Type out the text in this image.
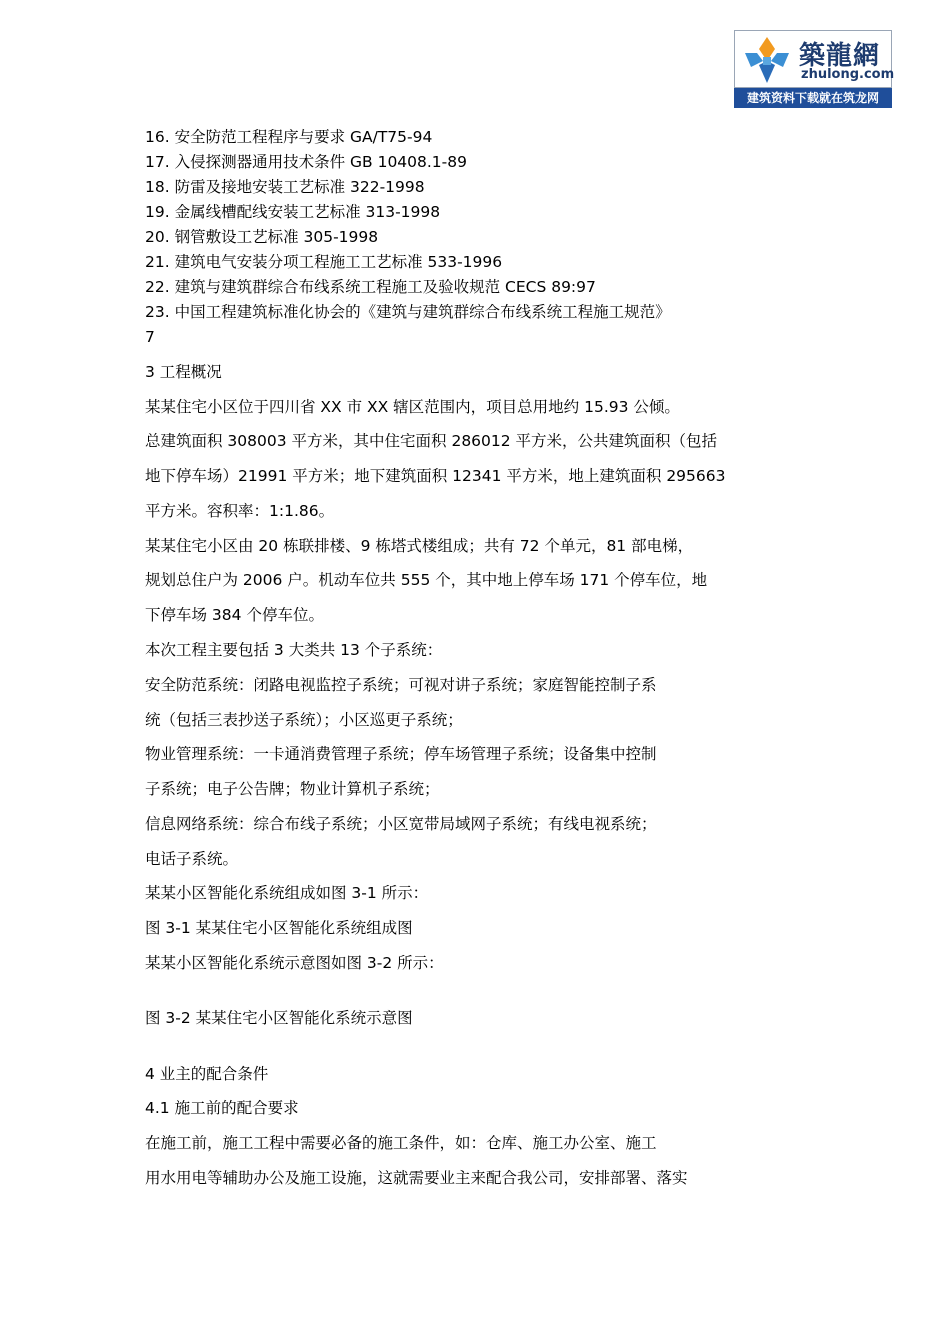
築龍網
zhulong.com
建筑资料下载就在筑龙网

16. 安全防范工程程序与要求 GA/T75-94

17. 入侵探测器通用技术条件 GB 10408.1-89

18. 防雷及接地安装工艺标准 322-1998

19. 金属线槽配线安装工艺标准 313-1998

20. 钢管敷设工艺标准 305-1998

21. 建筑电气安装分项工程施工工艺标准 533-1996

22. 建筑与建筑群综合布线系统工程施工及验收规范 CECS 89:97

23. 中国工程建筑标准化协会的《建筑与建筑群综合布线系统工程施工规范》

7

3 工程概况

某某住宅小区位于四川省 XX 市 XX 辖区范围内，项目总用地约 15.93 公倾。

总建筑面积 308003 平方米，其中住宅面积 286012 平方米，公共建筑面积（包括

地下停车场）21991 平方米；地下建筑面积 12341 平方米，地上建筑面积 295663

平方米。容积率：1:1.86。

某某住宅小区由 20 栋联排楼、9 栋塔式楼组成；共有 72 个单元，81 部电梯，

规划总住户为 2006 户。机动车位共 555 个，其中地上停车场 171 个停车位，地

下停车场 384 个停车位。

本次工程主要包括 3 大类共 13 个子系统：

安全防范系统：闭路电视监控子系统；可视对讲子系统；家庭智能控制子系

统（包括三表抄送子系统）；小区巡更子系统；

物业管理系统：一卡通消费管理子系统；停车场管理子系统；设备集中控制

子系统；电子公告牌；物业计算机子系统；

信息网络系统：综合布线子系统；小区宽带局域网子系统；有线电视系统；

电话子系统。

某某小区智能化系统组成如图 3-1 所示：

图 3-1 某某住宅小区智能化系统组成图

某某小区智能化系统示意图如图 3-2 所示：

图 3-2 某某住宅小区智能化系统示意图

4 业主的配合条件

4.1 施工前的配合要求

在施工前，施工工程中需要必备的施工条件，如：仓库、施工办公室、施工

用水用电等辅助办公及施工设施，这就需要业主来配合我公司，安排部署、落实
